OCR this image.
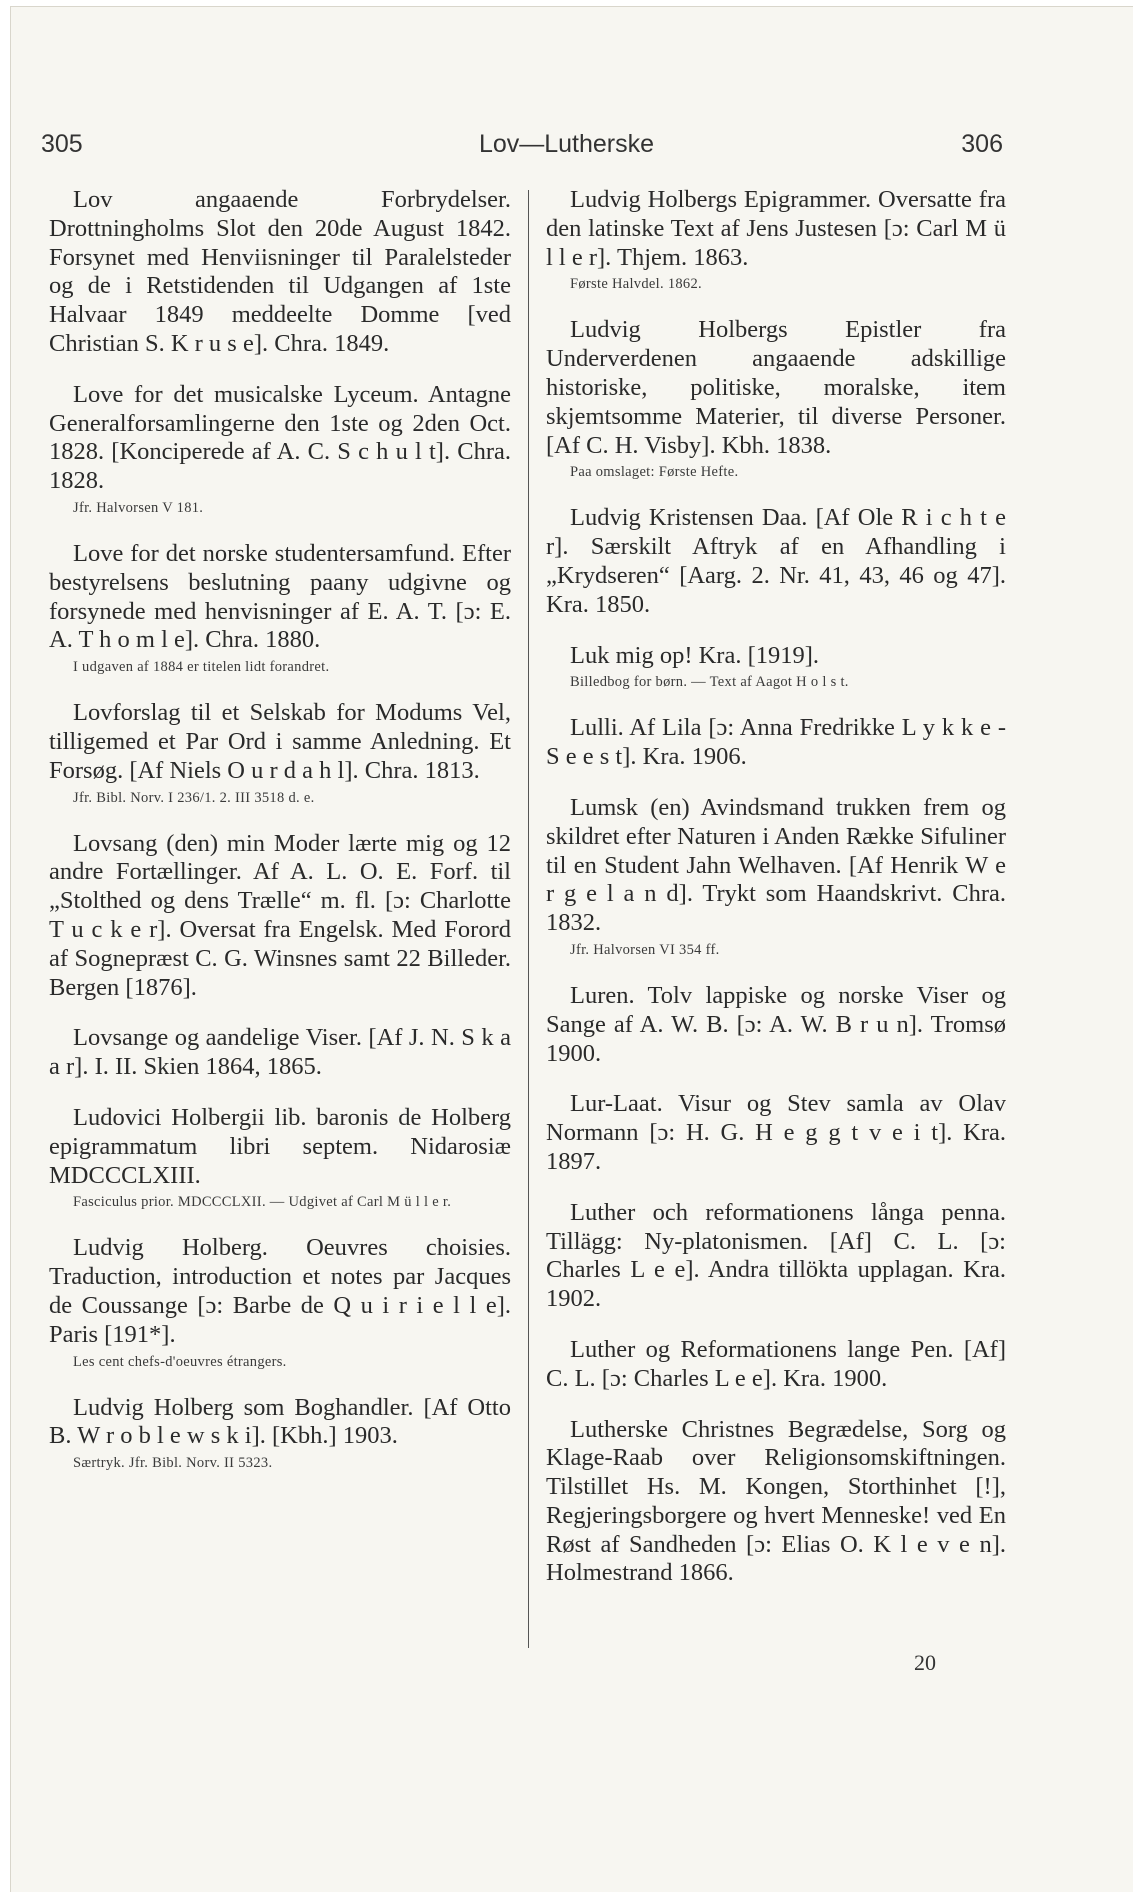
305	Lov—Lutherske	306

Lov angaaende Forbrydelser. Drottningholms Slot den 20de August 1842. Forsynet med Henviisninger til Paralelsteder og de i Retstidenden til Udgangen af 1ste Halvaar 1849 meddeelte Domme [ved Christian S. K r u s e]. Chra. 1849.

Love for det musicalske Lyceum. Antagne Generalforsamlingerne den 1ste og 2den Oct. 1828. [Konciperede af A. C. S c h u l t]. Chra. 1828.
Jfr. Halvorsen V 181.

Love for det norske studentersamfund. Efter bestyrelsens beslutning paany udgivne og forsynede med henvisninger af E. A. T. [ɔ: E. A. T h o m l e]. Chra. 1880.
I udgaven af 1884 er titelen lidt forandret.

Lovforslag til et Selskab for Modums Vel, tilligemed et Par Ord i samme Anledning. Et Forsøg. [Af Niels O u r d a h l]. Chra. 1813.
Jfr. Bibl. Norv. I 236/1. 2. III 3518 d. e.

Lovsang (den) min Moder lærte mig og 12 andre Fortællinger. Af A. L. O. E. Forf. til „Stolthed og dens Trælle“ m. fl. [ɔ: Charlotte T u c k e r]. Oversat fra Engelsk. Med Forord af Sognepræst C. G. Winsnes samt 22 Billeder. Bergen [1876].

Lovsange og aandelige Viser. [Af J. N. S k a a r]. I. II. Skien 1864, 1865.

Ludovici Holbergii lib. baronis de Holberg epigrammatum libri septem. Nidarosiæ MDCCCLXIII.
Fasciculus prior. MDCCCLXII. — Udgivet af Carl M ü l l e r.

Ludvig Holberg. Oeuvres choisies. Traduction, introduction et notes par Jacques de Coussange [ɔ: Barbe de Q u i r i e l l e]. Paris [191*].
Les cent chefs-d'oeuvres étrangers.

Ludvig Holberg som Boghandler. [Af Otto B. W r o b l e w s k i]. [Kbh.] 1903.
Særtryk. Jfr. Bibl. Norv. II 5323.

Ludvig Holbergs Epigrammer. Oversatte fra den latinske Text af Jens Justesen [ɔ: Carl M ü l l e r]. Thjem. 1863.
Første Halvdel. 1862.

Ludvig Holbergs Epistler fra Underverdenen angaaende adskillige historiske, politiske, moralske, item skjemtsomme Materier, til diverse Personer. [Af C. H. Visby]. Kbh. 1838.
Paa omslaget: Første Hefte.

Ludvig Kristensen Daa. [Af Ole R i c h t e r]. Særskilt Aftryk af en Afhandling i „Krydseren“ [Aarg. 2. Nr. 41, 43, 46 og 47]. Kra. 1850.

Luk mig op! Kra. [1919].
Billedbog for børn. — Text af Aagot H o l s t.

Lulli. Af Lila [ɔ: Anna Fredrikke L y k k e - S e e s t]. Kra. 1906.

Lumsk (en) Avindsmand trukken frem og skildret efter Naturen i Anden Række Sifuliner til en Student Jahn Welhaven. [Af Henrik W e r g e l a n d]. Trykt som Haandskrivt. Chra. 1832.
Jfr. Halvorsen VI 354 ff.

Luren. Tolv lappiske og norske Viser og Sange af A. W. B. [ɔ: A. W. B r u n]. Tromsø 1900.

Lur-Laat. Visur og Stev samla av Olav Normann [ɔ: H. G. H e g g t v e i t]. Kra. 1897.

Luther och reformationens långa penna. Tillägg: Ny-platonismen. [Af] C. L. [ɔ: Charles L e e]. Andra tillökta upplagan. Kra. 1902.

Luther og Reformationens lange Pen. [Af] C. L. [ɔ: Charles L e e]. Kra. 1900.

Lutherske Christnes Begrædelse, Sorg og Klage-Raab over Religionsomskiftningen. Tilstillet Hs. M. Kongen, Storthinhet [!], Regjeringsborgere og hvert Menneske! ved En Røst af Sandheden [ɔ: Elias O. K l e v e n]. Holmestrand 1866.

20
